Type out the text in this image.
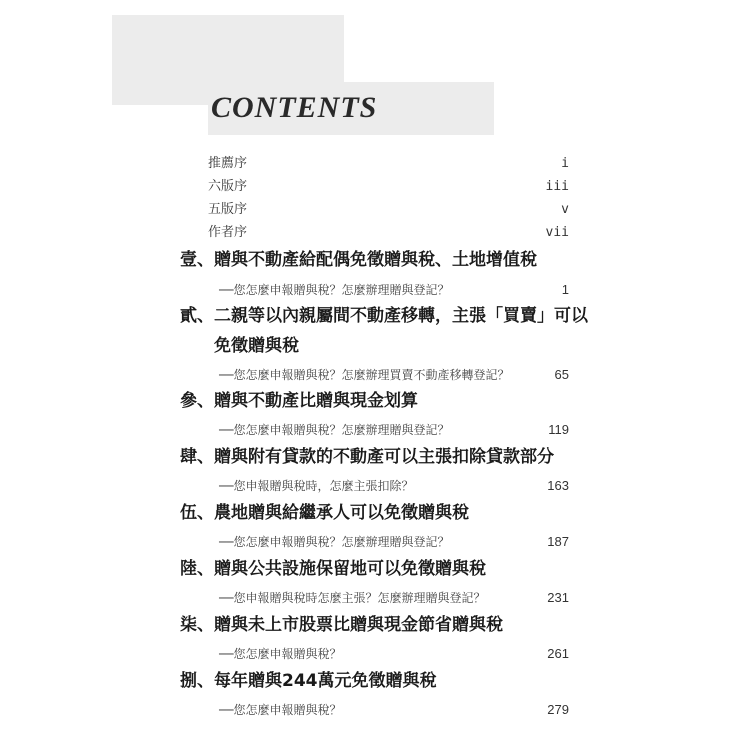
CONTENTS
推薦序	i
六版序	iii
五版序	v
作者序	vii
壹、贈與不動產給配偶免徵贈與稅、土地增值稅
──您怎麼申報贈與稅？怎麼辦理贈與登記？	1
貳、二親等以內親屬間不動產移轉，主張「買賣」可以
免徵贈與稅
──您怎麼申報贈與稅？怎麼辦理買賣不動產移轉登記？	65
參、贈與不動產比贈與現金划算
──您怎麼申報贈與稅？怎麼辦理贈與登記？	119
肆、贈與附有貸款的不動產可以主張扣除貸款部分
──您申報贈與稅時，怎麼主張扣除？	163
伍、農地贈與給繼承人可以免徵贈與稅
──您怎麼申報贈與稅？怎麼辦理贈與登記？	187
陸、贈與公共設施保留地可以免徵贈與稅
──您申報贈與稅時怎麼主張？怎麼辦理贈與登記？	231
柒、贈與未上市股票比贈與現金節省贈與稅
──您怎麼申報贈與稅？	261
捌、每年贈與244萬元免徵贈與稅
──您怎麼申報贈與稅？	279
